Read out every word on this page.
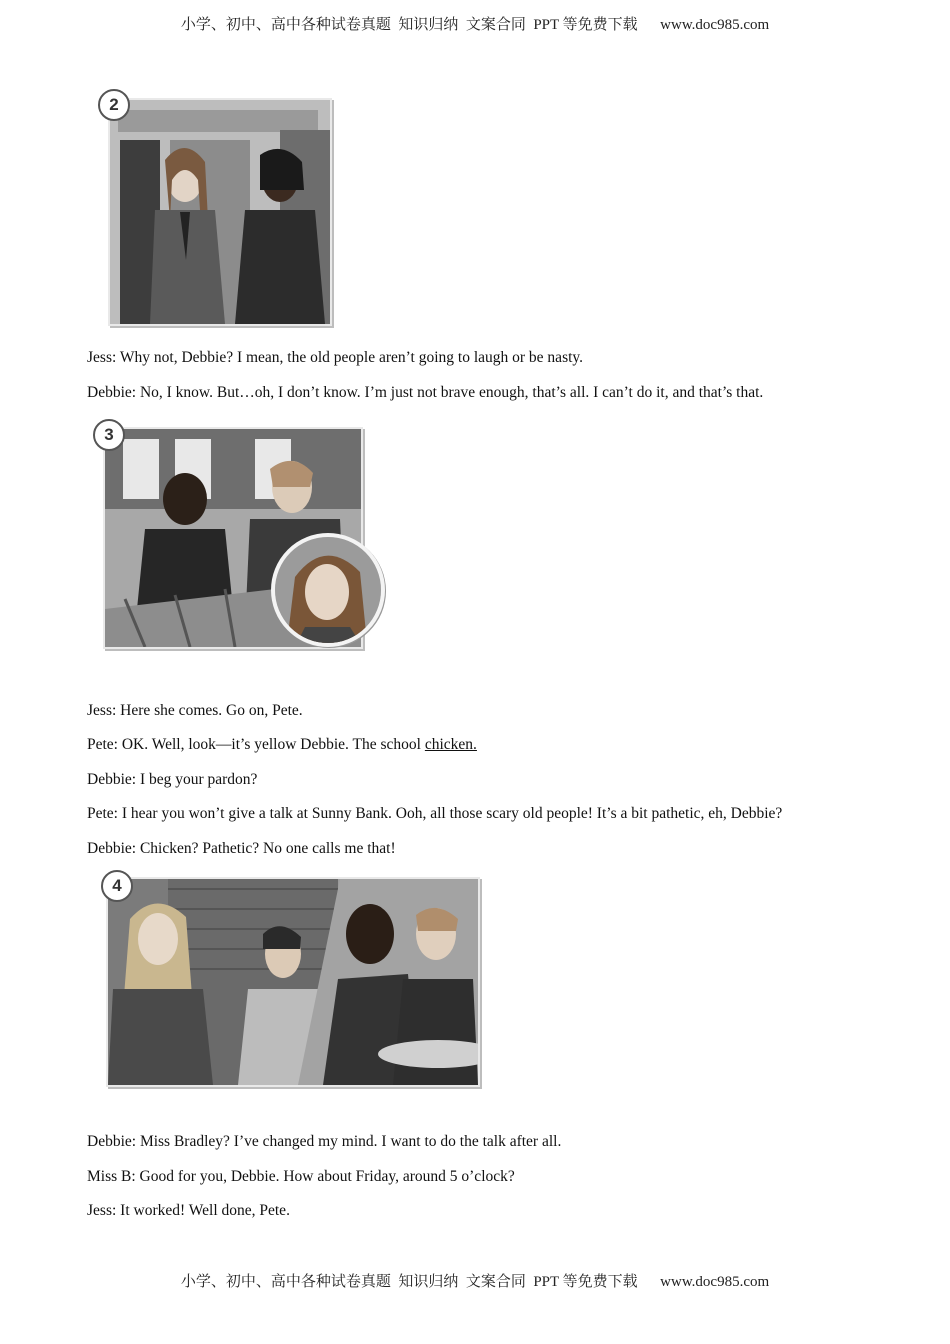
小学、初中、高中各种试卷真题  知识归纳  文案合同  PPT 等免费下载 www.doc985.com
2
Jess: Why not, Debbie? I mean, the old people aren’t going to laugh or be nasty.
Debbie: No, I know. But…oh, I don’t know. I’m just not brave enough, that’s all. I can’t do it, and that’s that.
3
Jess: Here she comes. Go on, Pete.
Pete: OK. Well, look—it’s yellow Debbie. The school chicken.
Debbie: I beg your pardon?
Pete: I hear you won’t give a talk at Sunny Bank. Ooh, all those scary old people! It’s a bit pathetic, eh, Debbie?
Debbie: Chicken? Pathetic? No one calls me that!
4
Debbie: Miss Bradley? I’ve changed my mind. I want to do the talk after all.
Miss B: Good for you, Debbie. How about Friday, around 5 o’clock?
Jess: It worked! Well done, Pete.
小学、初中、高中各种试卷真题  知识归纳  文案合同  PPT 等免费下载 www.doc985.com
